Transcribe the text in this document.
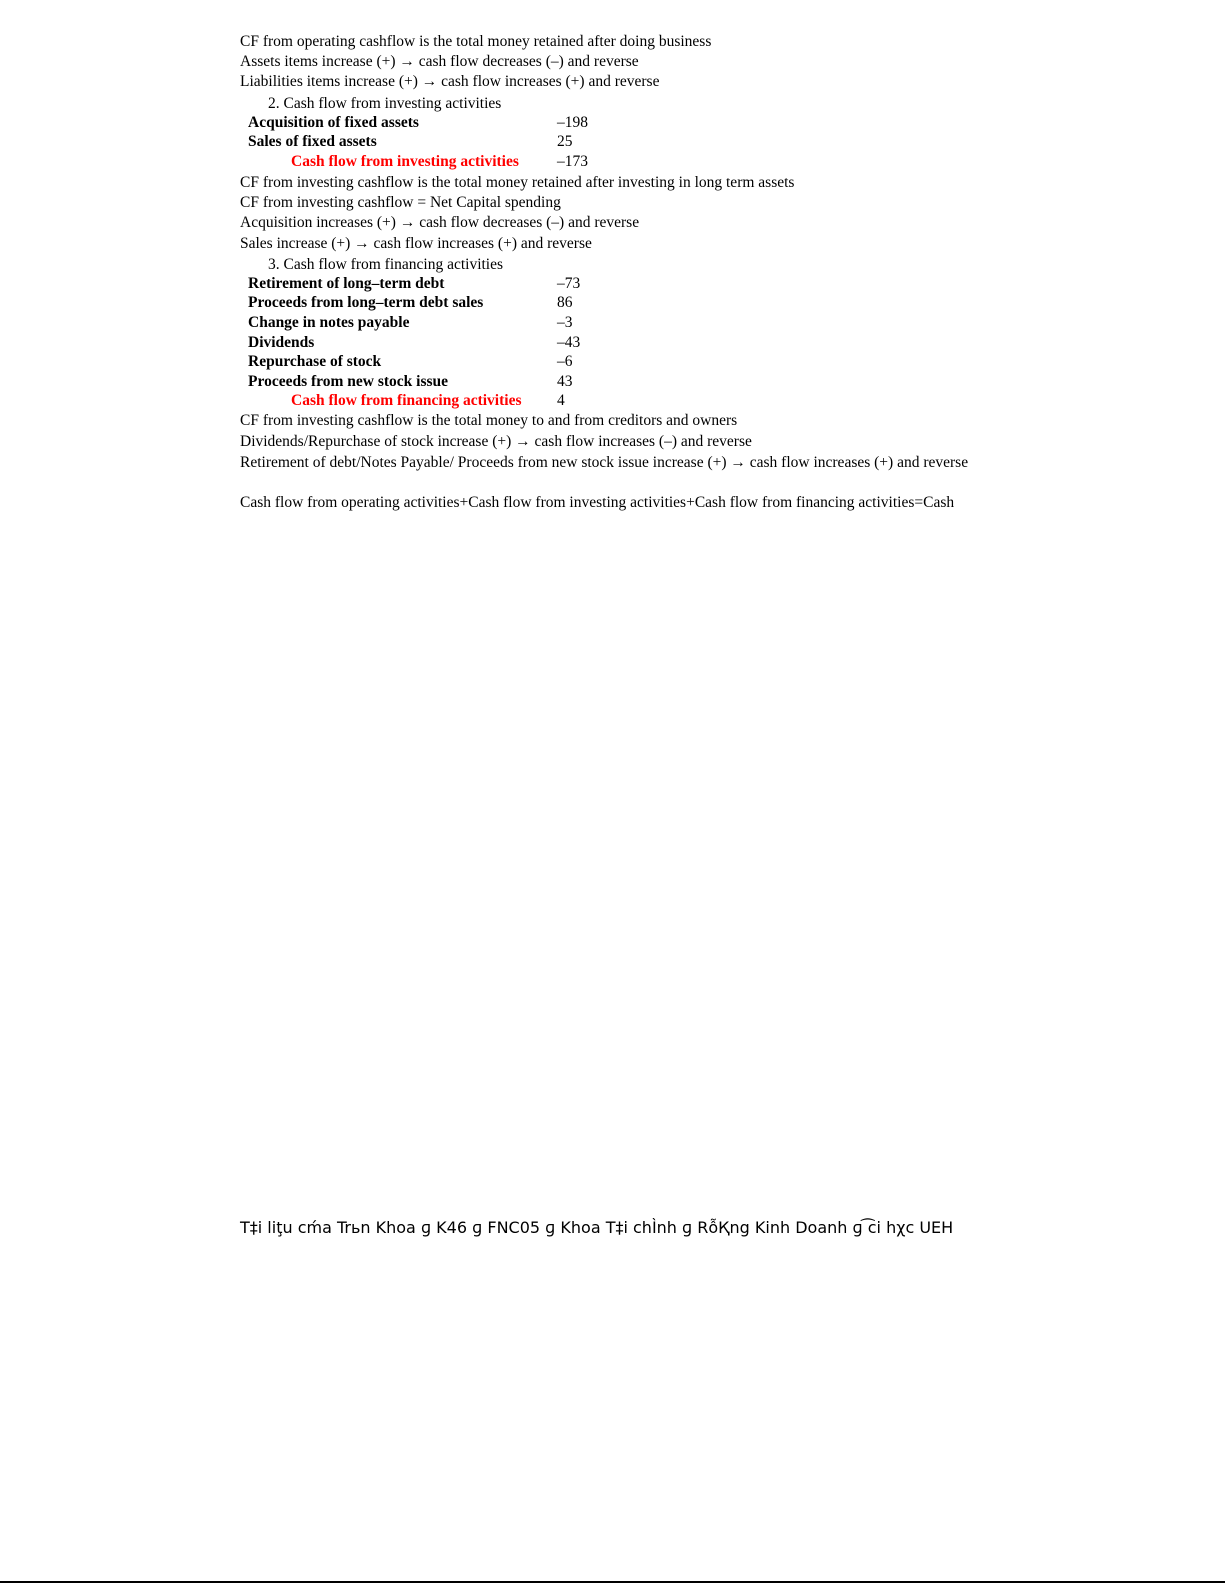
CF from operating cashflow is the total money retained after doing business
Assets items increase (+) → cash flow decreases (–) and reverse
Liabilities items increase (+) → cash flow increases (+) and reverse
2. Cash flow from investing activities
Acquisition of fixed assets	–198
Sales of fixed assets	25
Cash flow from investing activities –173
CF from investing cashflow is the total money retained after investing in long term assets
CF from investing cashflow = Net Capital spending
Acquisition increases (+) → cash flow decreases (–) and reverse
Sales increase (+) → cash flow increases (+) and reverse
3. Cash flow from financing activities
Retirement of long–term debt	–73
Proceeds from long–term debt sales	86
Change in notes payable	–3
Dividends	–43
Repurchase of stock	–6
Proceeds from new stock issue	43
Cash flow from financing activities 4
CF from investing cashflow is the total money to and from creditors and owners
Dividends/Repurchase of stock increase (+) → cash flow increases (–) and reverse
Retirement of debt/Notes Payable/ Proceeds from new stock issue increase (+) → cash flow increases (+) and reverse
Cash flow from operating activities+Cash flow from investing activities+Cash flow from financing activities=Cash
T‡i liţu cḿa Trьn Khoa ɡ K46 ɡ FNC05 ɡ Khoa T‡i chÌnh ɡ RỗҚng Kinh Doanh ɡ ͡ci hχc UEH
